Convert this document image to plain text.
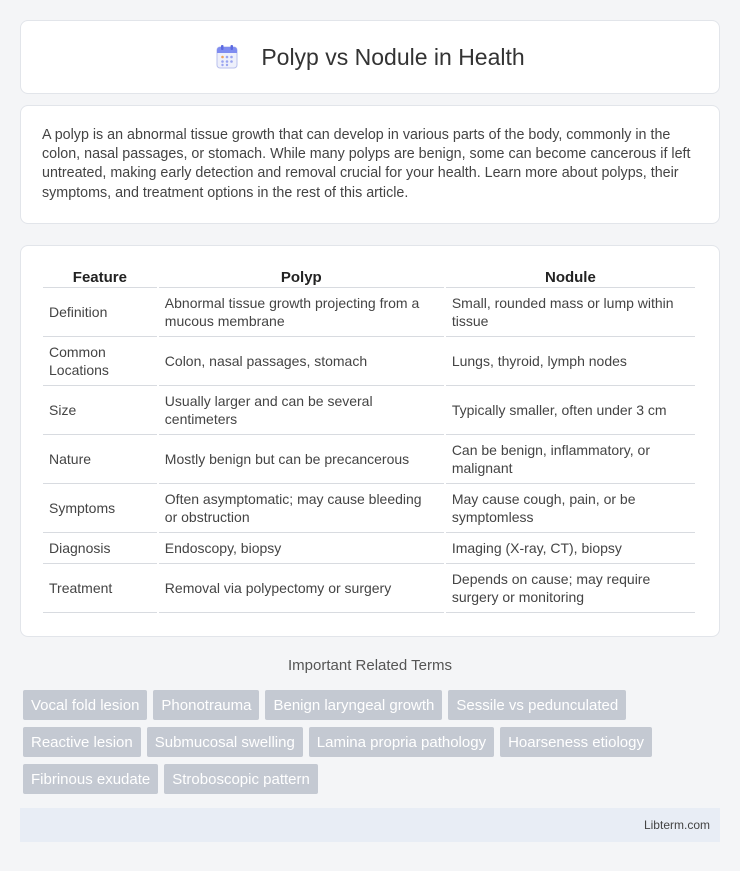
Polyp vs Nodule in Health

A polyp is an abnormal tissue growth that can develop in various parts of the body, commonly in the colon, nasal passages, or stomach. While many polyps are benign, some can become cancerous if left untreated, making early detection and removal crucial for your health. Learn more about polyps, their symptoms, and treatment options in the rest of this article.

Feature	Polyp	Nodule
Definition	Abnormal tissue growth projecting from a mucous membrane	Small, rounded mass or lump within tissue
Common Locations	Colon, nasal passages, stomach	Lungs, thyroid, lymph nodes
Size	Usually larger and can be several centimeters	Typically smaller, often under 3 cm
Nature	Mostly benign but can be precancerous	Can be benign, inflammatory, or malignant
Symptoms	Often asymptomatic; may cause bleeding or obstruction	May cause cough, pain, or be symptomless
Diagnosis	Endoscopy, biopsy	Imaging (X-ray, CT), biopsy
Treatment	Removal via polypectomy or surgery	Depends on cause; may require surgery or monitoring
Important Related Terms
Vocal fold lesion	Phonotrauma	Benign laryngeal growth	Sessile vs pedunculated
Reactive lesion	Submucosal swelling	Lamina propria pathology	Hoarseness etiology
Fibrinous exudate	Stroboscopic pattern
Libterm.com
